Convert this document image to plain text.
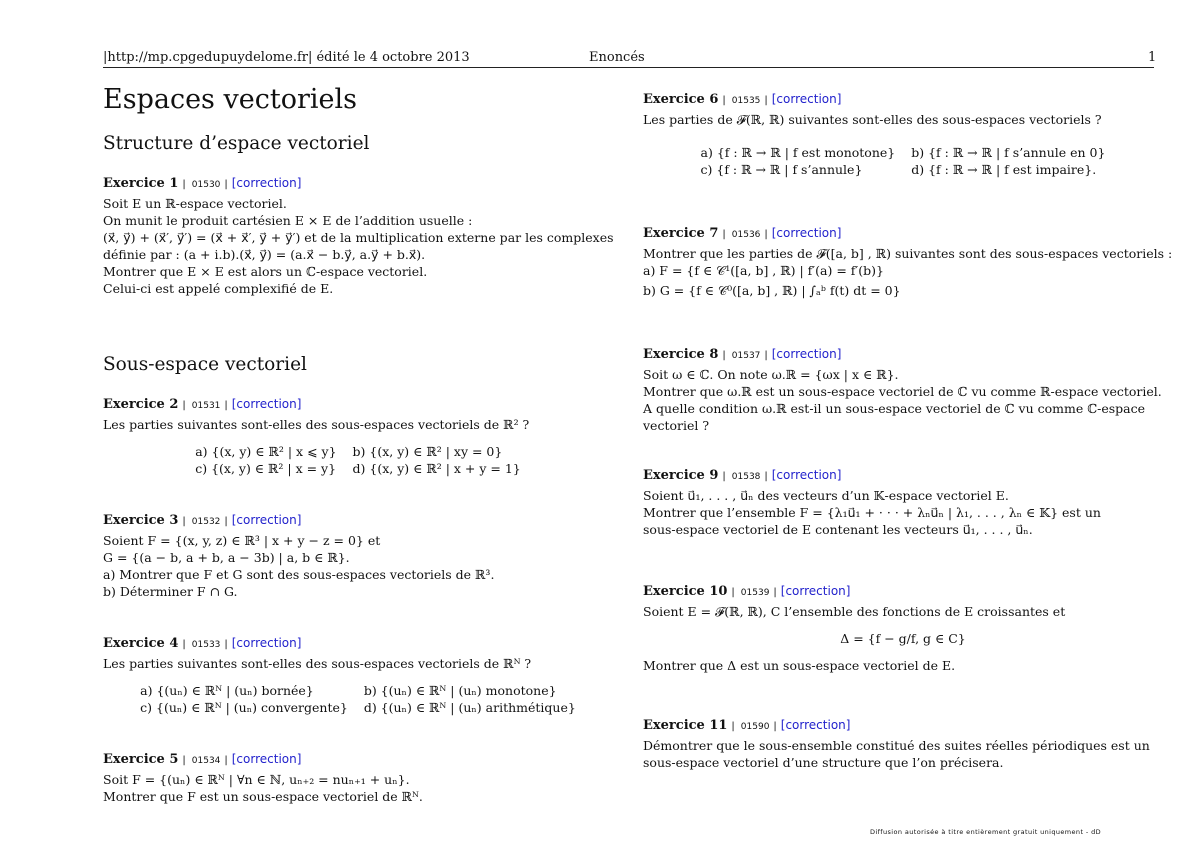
|http://mp.cpgedupuydelome.fr| édité le 4 octobre 2013	Enoncés	1
Espaces vectoriels
Structure d’espace vectoriel
Exercice 1 | 01530 | [correction]
Soit E un ℝ-espace vectoriel.
On munit le produit cartésien E × E de l’addition usuelle :
(x⃗, y⃗) + (x⃗′, y⃗′) = (x⃗ + x⃗′, y⃗ + y⃗′) et de la multiplication externe par les complexes
définie par : (a + i.b).(x⃗, y⃗) = (a.x⃗ − b.y⃗, a.y⃗ + b.x⃗).
Montrer que E × E est alors un ℂ-espace vectoriel.
Celui-ci est appelé complexifié de E.
Sous-espace vectoriel
Exercice 2 | 01531 | [correction]
Les parties suivantes sont-elles des sous-espaces vectoriels de ℝ² ?
a) {(x, y) ∈ ℝ² | x ⩽ y} b) {(x, y) ∈ ℝ² | xy = 0}
c) {(x, y) ∈ ℝ² | x = y} d) {(x, y) ∈ ℝ² | x + y = 1}
Exercice 3 | 01532 | [correction]
Soient F = {(x, y, z) ∈ ℝ³ | x + y − z = 0} et
G = {(a − b, a + b, a − 3b) | a, b ∈ ℝ}.
a) Montrer que F et G sont des sous-espaces vectoriels de ℝ³.
b) Déterminer F ∩ G.
Exercice 4 | 01533 | [correction]
Les parties suivantes sont-elles des sous-espaces vectoriels de ℝᴺ ?
a) {(uₙ) ∈ ℝᴺ | (uₙ) bornée}	b) {(uₙ) ∈ ℝᴺ | (uₙ) monotone}
c) {(uₙ) ∈ ℝᴺ | (uₙ) convergente} d) {(uₙ) ∈ ℝᴺ | (uₙ) arithmétique}
Exercice 5 | 01534 | [correction]
Soit F = {(uₙ) ∈ ℝᴺ | ∀n ∈ ℕ, uₙ₊₂ = nuₙ₊₁ + uₙ}.
Montrer que F est un sous-espace vectoriel de ℝᴺ.
Exercice 6 | 01535 | [correction]
Les parties de 𝓕(ℝ, ℝ) suivantes sont-elles des sous-espaces vectoriels ?
a) {f : ℝ → ℝ | f est monotone} b) {f : ℝ → ℝ | f s’annule en 0}
c) {f : ℝ → ℝ | f s’annule}	d) {f : ℝ → ℝ | f est impaire}.
Exercice 7 | 01536 | [correction]
Montrer que les parties de 𝓕([a, b] , ℝ) suivantes sont des sous-espaces vectoriels :
a) F = {f ∈ 𝒞¹([a, b] , ℝ) | f′(a) = f′(b)}
b) G = {f ∈ 𝒞⁰([a, b] , ℝ) | ∫ₐᵇ f(t) dt = 0}
Exercice 8 | 01537 | [correction]
Soit ω ∈ ℂ. On note ω.ℝ = {ωx | x ∈ ℝ}.
Montrer que ω.ℝ est un sous-espace vectoriel de ℂ vu comme ℝ-espace vectoriel.
A quelle condition ω.ℝ est-il un sous-espace vectoriel de ℂ vu comme ℂ-espace
vectoriel ?
Exercice 9 | 01538 | [correction]
Soient u⃗₁, . . . , u⃗ₙ des vecteurs d’un 𝕂-espace vectoriel E.
Montrer que l’ensemble F = {λ₁u⃗₁ + · · · + λₙu⃗ₙ | λ₁, . . . , λₙ ∈ 𝕂} est un
sous-espace vectoriel de E contenant les vecteurs u⃗₁, . . . , u⃗ₙ.
Exercice 10 | 01539 | [correction]
Soient E = 𝓕(ℝ, ℝ), C l’ensemble des fonctions de E croissantes et
Δ = {f − g/f, g ∈ C}
Montrer que Δ est un sous-espace vectoriel de E.
Exercice 11 | 01590 | [correction]
Démontrer que le sous-ensemble constitué des suites réelles périodiques est un
sous-espace vectoriel d’une structure que l’on précisera.
Diffusion autorisée à titre entièrement gratuit uniquement - dD
